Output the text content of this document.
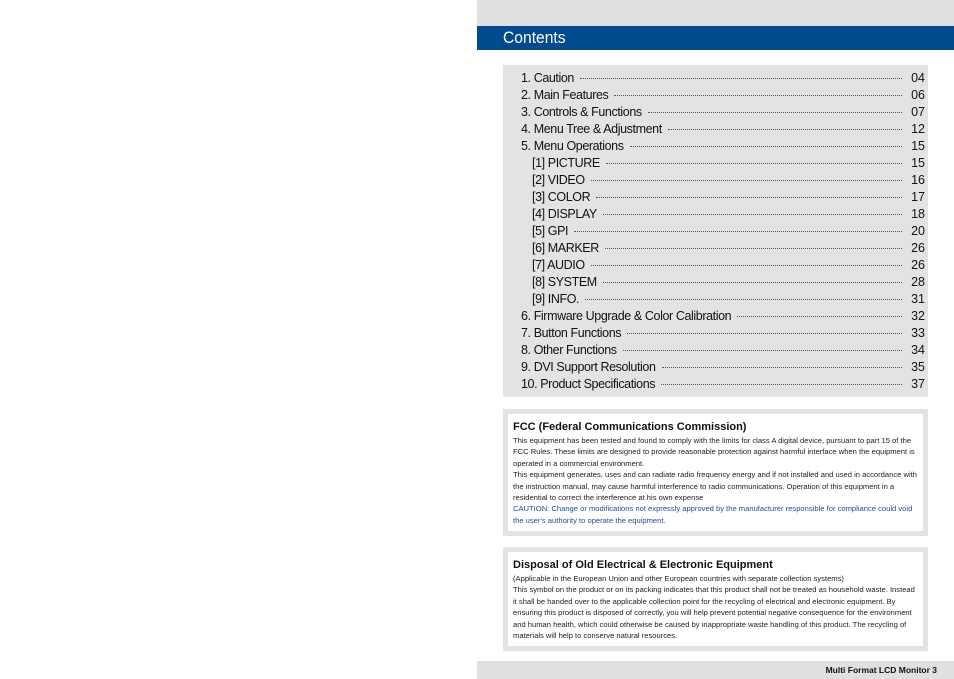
Contents
1. Caution	04
2. Main Features	06
3. Controls & Functions	07
4. Menu Tree & Adjustment	12
5. Menu Operations	15
[1] PICTURE	15
[2] VIDEO	16
[3] COLOR	17
[4] DISPLAY	18
[5] GPI	20
[6] MARKER	26
[7] AUDIO	26
[8] SYSTEM	28
[9] INFO.	31
6. Firmware Upgrade & Color Calibration	32
7. Button Functions	33
8. Other Functions	34
9. DVI Support Resolution	35
10. Product Specifications	37
FCC (Federal Communications Commission)

This equipment has been tested and found to comply with the limits for class A digital device, pursuant to part 15 of the FCC Rules. These limits are designed to provide reasonable protection against harmful interface when the equipment is operated in a commercial environment.

This equipment generates, uses and can radiate radio frequency energy and if not installed and used in accordance with the instruction manual, may cause harmful interference to radio communications. Operation of this equipment in a residential to correct the interference at his own expense

CAUTION: Change or modifications not expressly approved by the manufacturer responsible for compliance could void the user's authority to operate the equipment.

Disposal of Old Electrical & Electronic Equipment

(Applicable in the European Union and other European countries with separate collection systems)

This symbol on the product or on its packing indicates that this product shall not be treated as household waste. Instead it shall be handed over to the applicable collection point for the recycling of electrical and electronic equipment. By ensuring this product is disposed of correctly, you will help prevent potential negative consequence for the environment and human health, which could otherwise be caused by inappropriate waste handling of this product. The recycling of materials will help to conserve natural resources.

Multi Format LCD Monitor 3
